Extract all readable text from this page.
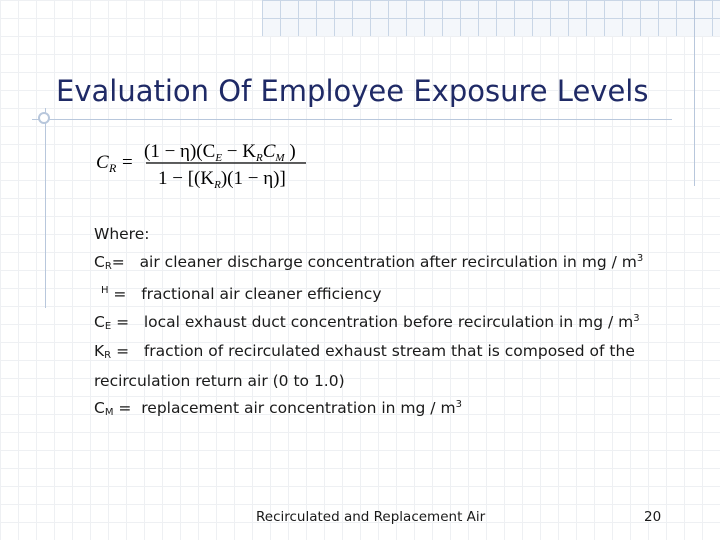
Evaluation Of Employee Exposure Levels
C R =
$(1 - \eta)(C_E - K_RC_M$ )
$1 - [(K_R)(1 - \eta)]$
Where:
$C_R=$ air cleaner discharge concentration after recirculation in mg / $m^3$
$^H$ = fractional air cleaner efficiency
$C_E$ = local exhaust duct concentration before recirculation in mg / $m^3$
$K_R$ = fraction of recirculated exhaust stream that is composed of the recirculation return air (0 to 1.0)
$C_M$ = replacement air concentration in mg / $m^3$
Recirculated and Replacement Air	20
